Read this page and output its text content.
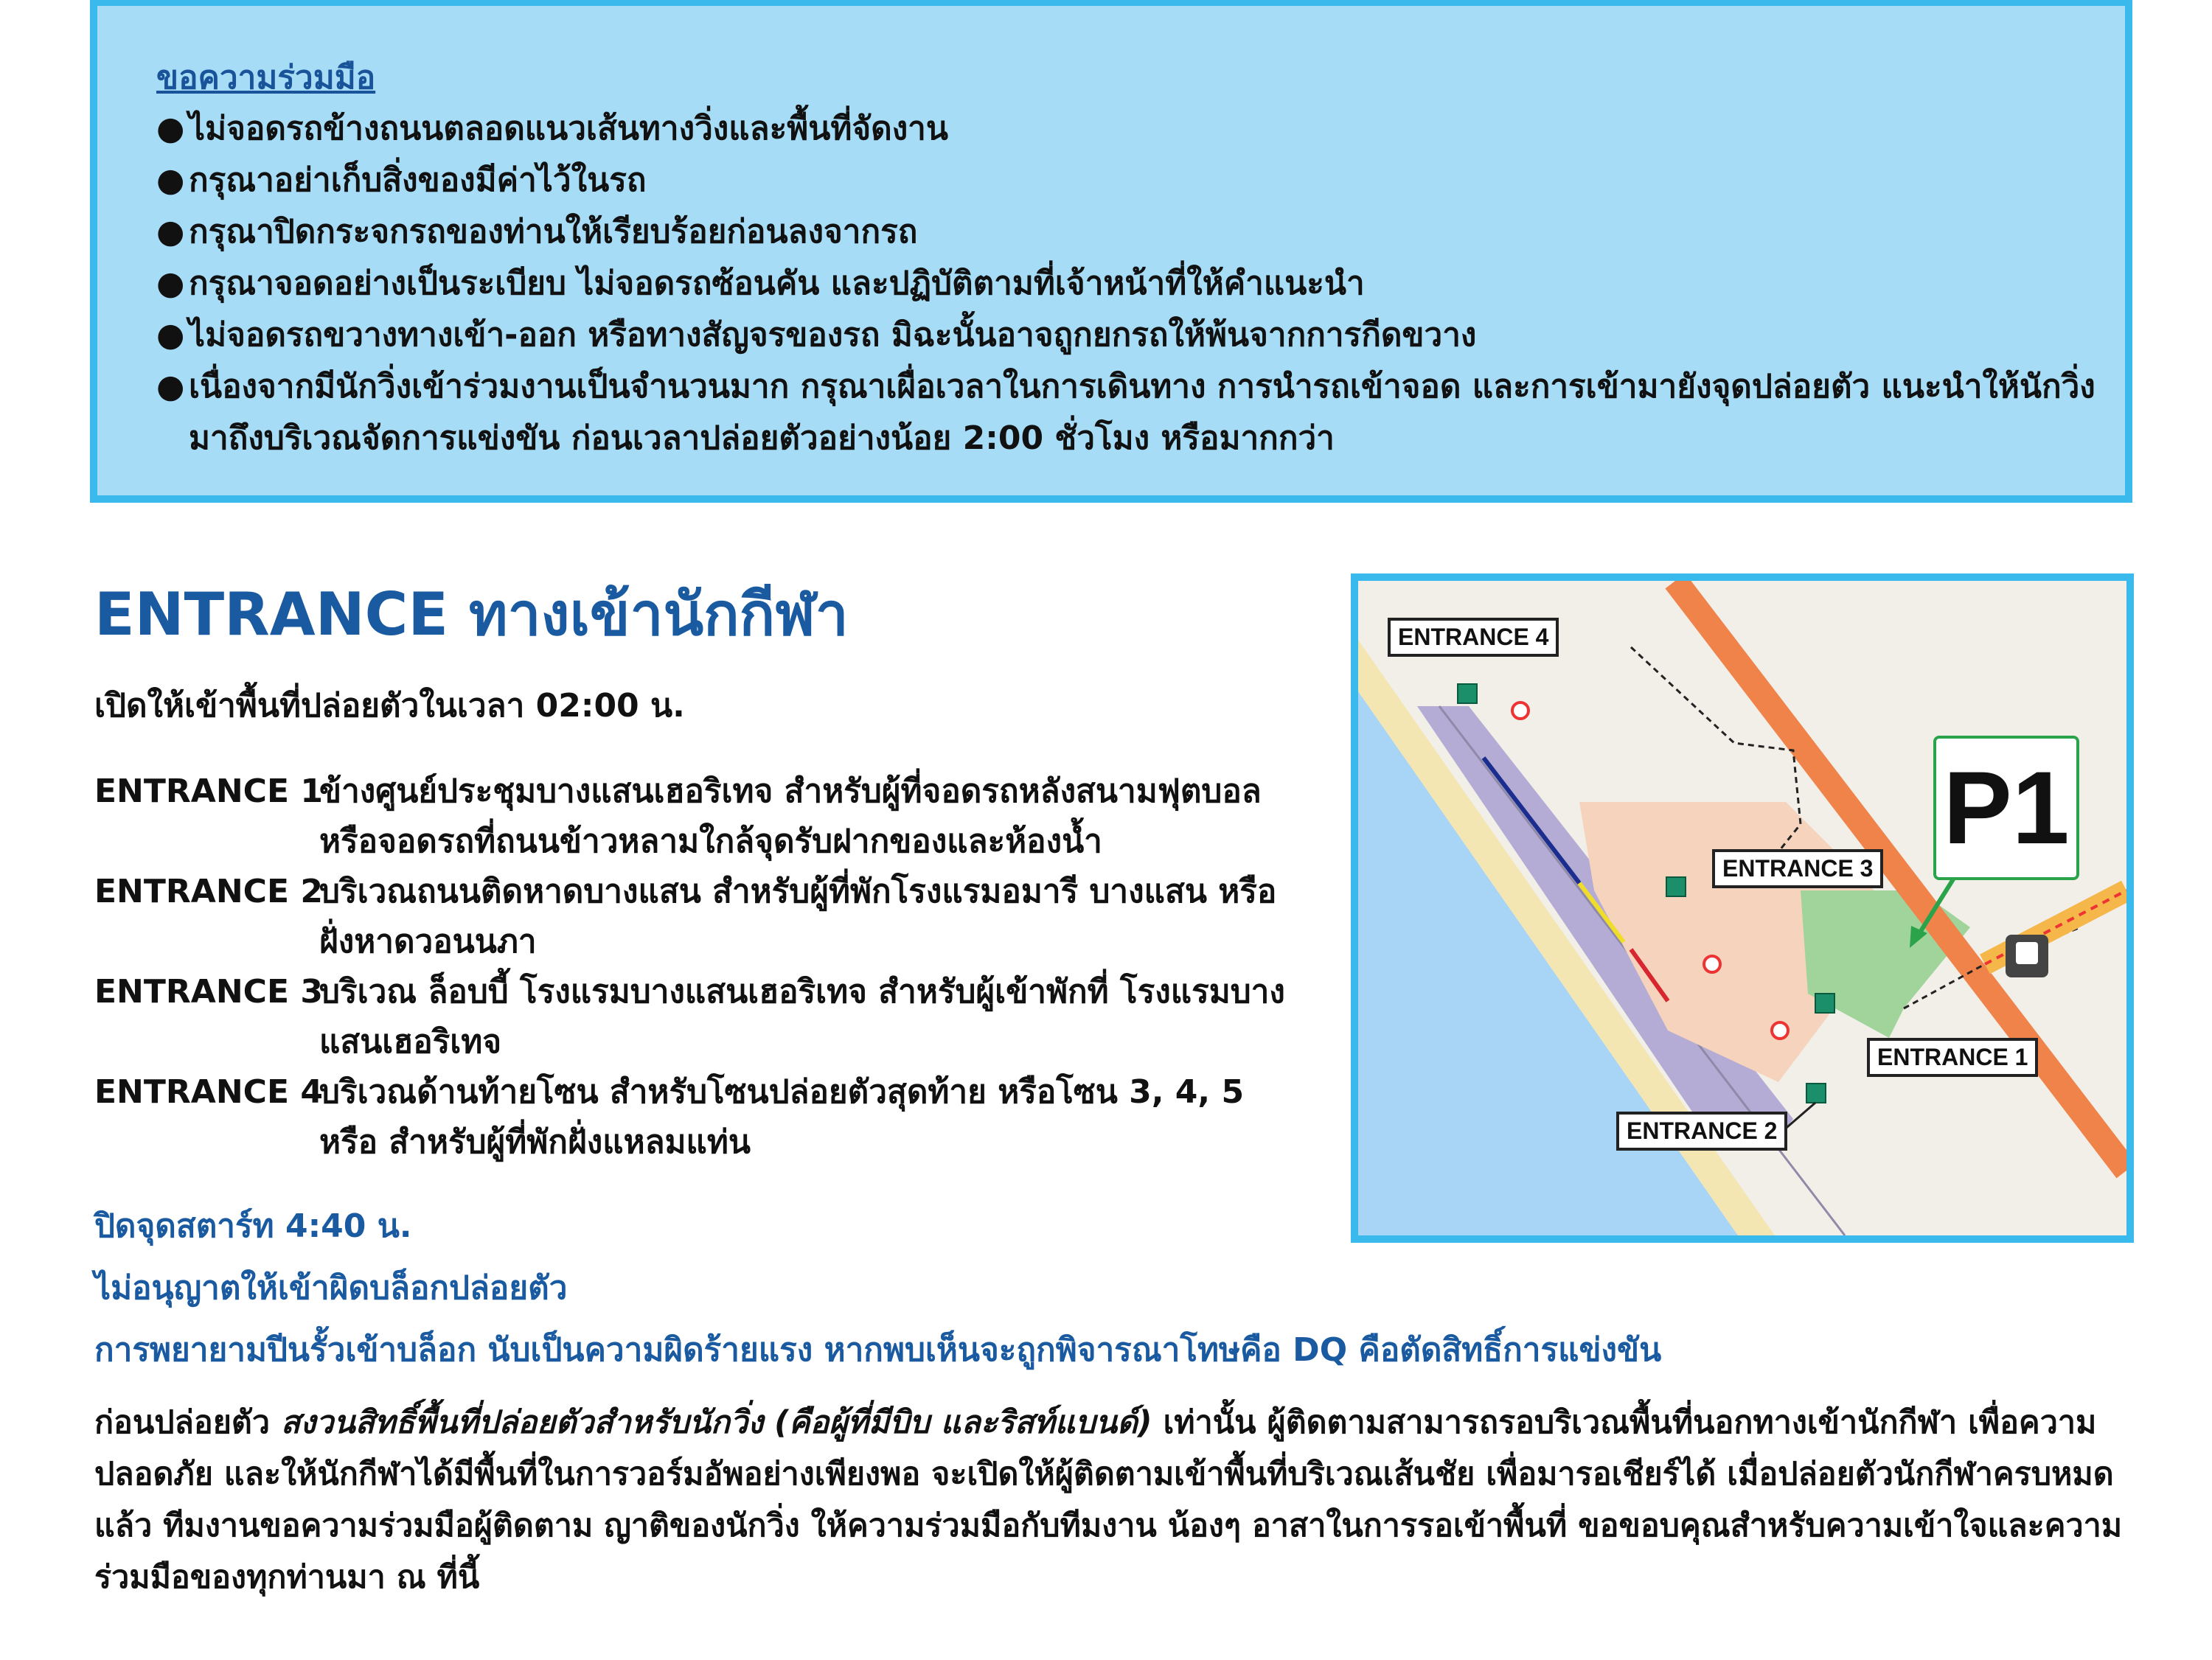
ขอความร่วมมือ
● ไม่จอดรถข้างถนนตลอดแนวเส้นทางวิ่งและพื้นที่จัดงาน
● กรุณาอย่าเก็บสิ่งของมีค่าไว้ในรถ
● กรุณาปิดกระจกรถของท่านให้เรียบร้อยก่อนลงจากรถ
● กรุณาจอดอย่างเป็นระเบียบ ไม่จอดรถซ้อนคัน และปฏิบัติตามที่เจ้าหน้าที่ให้คำแนะนำ
● ไม่จอดรถขวางทางเข้า-ออก หรือทางสัญจรของรถ มิฉะนั้นอาจถูกยกรถให้พ้นจากการกีดขวาง
● เนื่องจากมีนักวิ่งเข้าร่วมงานเป็นจำนวนมาก กรุณาเผื่อเวลาในการเดินทาง การนำรถเข้าจอด และการเข้ามายังจุดปล่อยตัว แนะนำให้นักวิ่งมาถึงบริเวณจัดการแข่งขัน ก่อนเวลาปล่อยตัวอย่างน้อย 2:00 ชั่วโมง หรือมากกว่า
ENTRANCE ทางเข้านักกีฬา
เปิดให้เข้าพื้นที่ปล่อยตัวในเวลา 02:00 น.
ENTRANCE 1
ข้างศูนย์ประชุมบางแสนเฮอริเทจ สำหรับผู้ที่จอดรถหลังสนามฟุตบอล หรือจอดรถที่ถนนข้าวหลามใกล้จุดรับฝากของและห้องน้ำ
ENTRANCE 2
บริเวณถนนติดหาดบางแสน สำหรับผู้ที่พักโรงแรมอมารี บางแสน หรือ ฝั่งหาดวอนนภา
ENTRANCE 3
บริเวณ ล็อบบี้ โรงแรมบางแสนเฮอริเทจ สำหรับผู้เข้าพักที่ โรงแรมบางแสนเฮอริเทจ
ENTRANCE 4
บริเวณด้านท้ายโซน สำหรับโซนปล่อยตัวสุดท้าย หรือโซน 3, 4, 5 หรือ สำหรับผู้ที่พักฝั่งแหลมแท่น
ปิดจุดสตาร์ท 4:40 น.
ไม่อนุญาตให้เข้าผิดบล็อกปล่อยตัว
การพยายามปีนรั้วเข้าบล็อก นับเป็นความผิดร้ายแรง หากพบเห็นจะถูกพิจารณาโทษคือ DQ คือตัดสิทธิ์การแข่งขัน
ก่อนปล่อยตัว สงวนสิทธิ์พื้นที่ปล่อยตัวสำหรับนักวิ่ง (คือผู้ที่มีบิบ และริสท์แบนด์) เท่านั้น ผู้ติดตามสามารถรอบริเวณพื้นที่นอกทางเข้านักกีฬา เพื่อความปลอดภัย และให้นักกีฬาได้มีพื้นที่ในการวอร์มอัพอย่างเพียงพอ จะเปิดให้ผู้ติดตามเข้าพื้นที่บริเวณเส้นชัย เพื่อมารอเชียร์ได้ เมื่อปล่อยตัวนักกีฬาครบหมดแล้ว ทีมงานขอความร่วมมือผู้ติดตาม ญาติของนักวิ่ง ให้ความร่วมมือกับทีมงาน น้องๆ อาสาในการรอเข้าพื้นที่ ขอขอบคุณสำหรับความเข้าใจและความร่วมมือของทุกท่านมา ณ ที่นี้
ENTRANCE 4
ENTRANCE 3
ENTRANCE 1
ENTRANCE 2
P1
